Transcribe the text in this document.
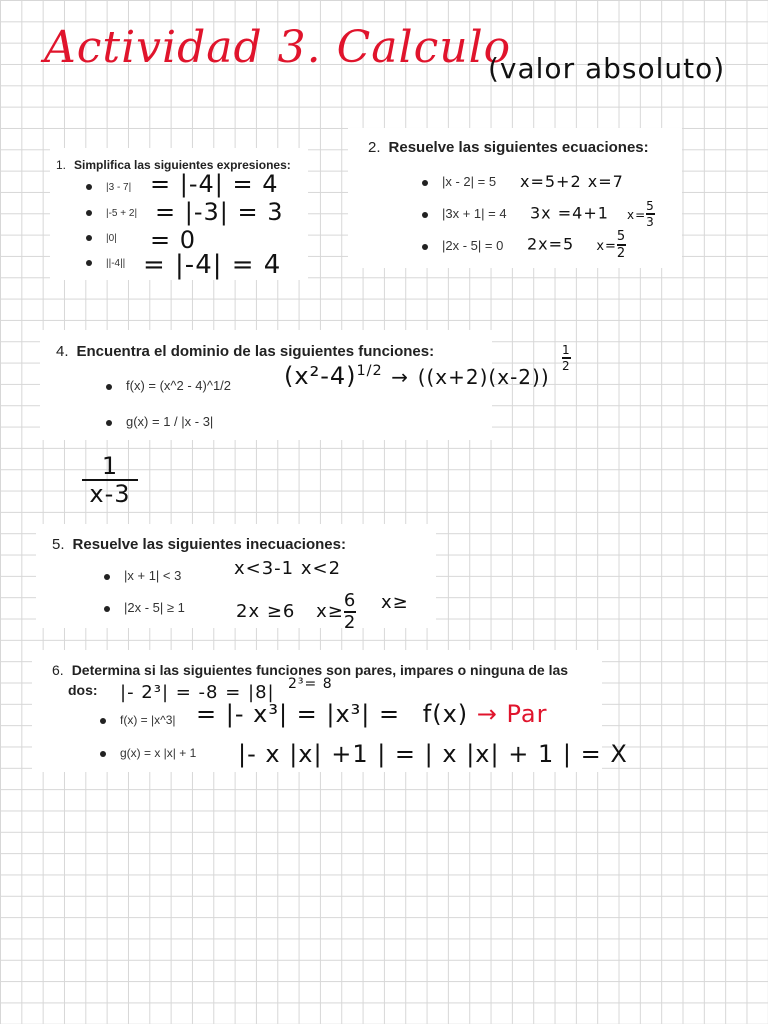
Actividad 3. Calculo
(valor absoluto)
1. Simplifica las siguientes expresiones:
|3 - 7|
|-5 + 2|
|0|
||-4||
= |-4| = 4
= |-3| = 3
= 0
= |-4| = 4
2. Resuelve las siguientes ecuaciones:
|x - 2| = 5
|3x + 1| = 4
|2x - 5| = 0
x=5+2 x=7
3x =4+1 $x= \frac{5}{3}$
2x=5 $x= \frac{5}{2}$
4. Encuentra el dominio de las siguientes funciones:
f(x) = (x^2 - 4)^1/2
g(x) = 1 / |x - 3|
$(x^2-4)^{1/2} \to ((x+2)(x-2))$
1
2
1
x-3
5. Resuelve las siguientes inecuaciones:
|x + 1| < 3
|2x - 5| ≥ 1
x<3-1 x<2
2x ≥6 $x\ge \frac{6}{2} x\ge$
6. Determina si las siguientes funciones son pares, impares o ninguna de las
dos:
f(x) = |x^3|
g(x) = x |x| + 1
|- 2³| = -8 = |8| 2³= 8
= |- x³| = |x³| = f(x) → Par
|- x |x| +1 | = | x |x| + 1 | = X
